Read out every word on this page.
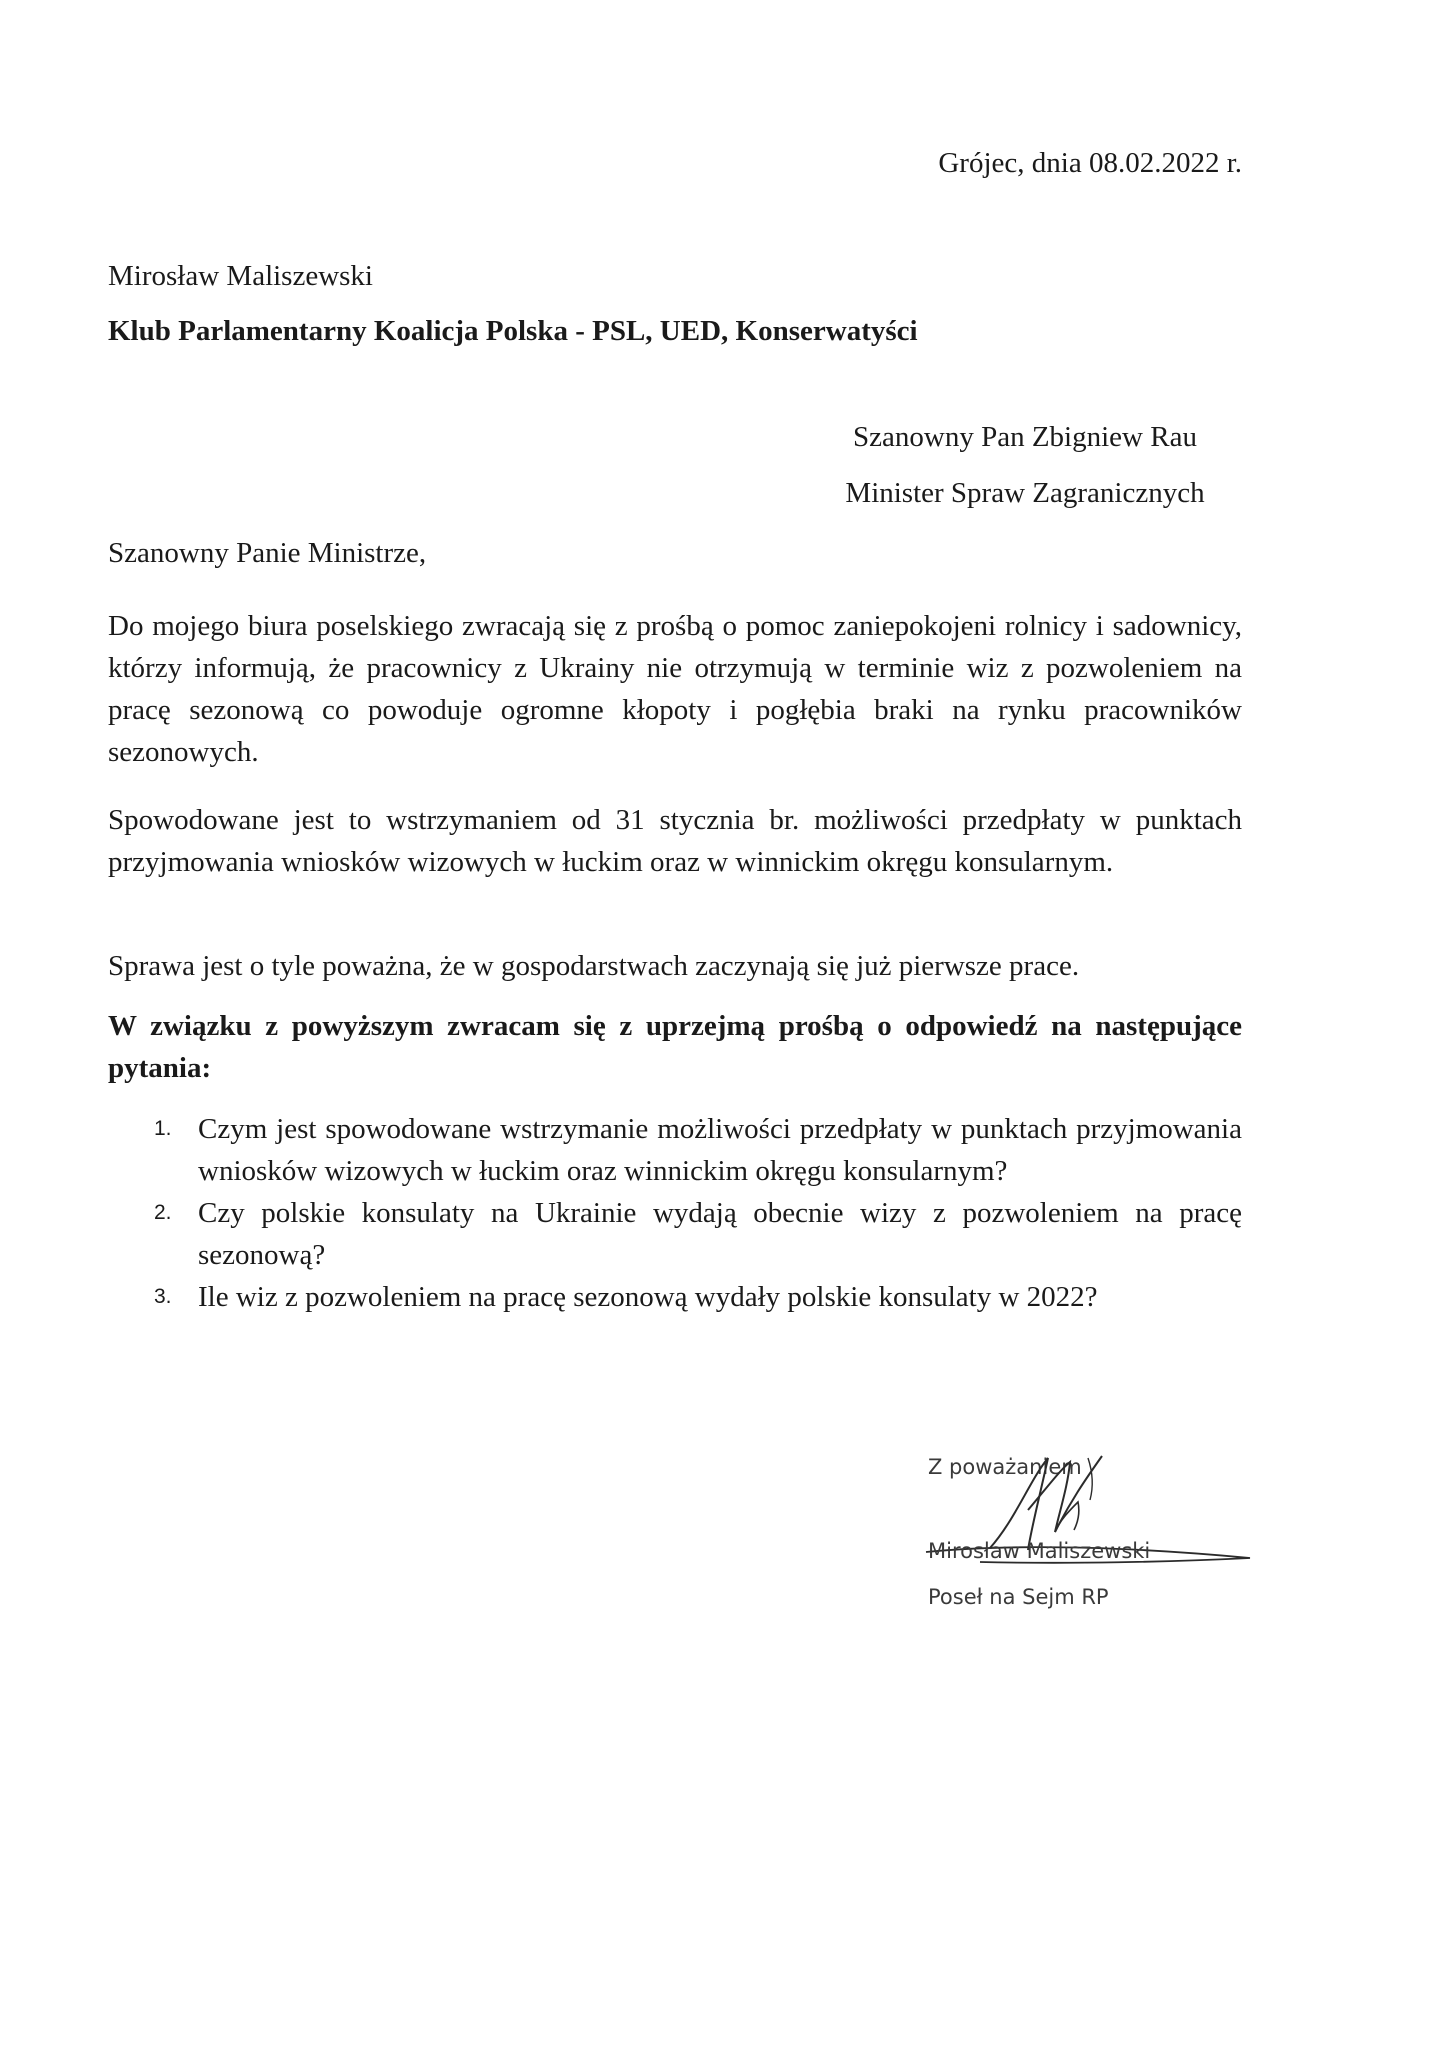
Grójec, dnia 08.02.2022 r.
Mirosław Maliszewski
Klub Parlamentarny Koalicja Polska - PSL, UED, Konserwatyści
Szanowny Pan Zbigniew Rau
Minister Spraw Zagranicznych
Szanowny Panie Ministrze,
Do mojego biura poselskiego zwracają się z prośbą o pomoc zaniepokojeni rolnicy i sadownicy, którzy informują, że pracownicy z Ukrainy nie otrzymują w terminie wiz z pozwoleniem na pracę sezonową co powoduje ogromne kłopoty i pogłębia braki na rynku pracowników sezonowych.
Spowodowane jest to wstrzymaniem od 31 stycznia br. możliwości przedpłaty w punktach przyjmowania wniosków wizowych w łuckim oraz w winnickim okręgu konsularnym.
Sprawa jest o tyle poważna, że w gospodarstwach zaczynają się już pierwsze prace.
W związku z powyższym zwracam się z uprzejmą prośbą o odpowiedź na następujące pytania:
1. Czym jest spowodowane wstrzymanie możliwości przedpłaty w punktach przyjmowania wniosków wizowych w łuckim oraz winnickim okręgu konsularnym?
2. Czy polskie konsulaty na Ukrainie wydają obecnie wizy z pozwoleniem na pracę sezonową?
3. Ile wiz z pozwoleniem na pracę sezonową wydały polskie konsulaty w 2022?
Z poważaniem
Mirosław Maliszewski
Poseł na Sejm RP
